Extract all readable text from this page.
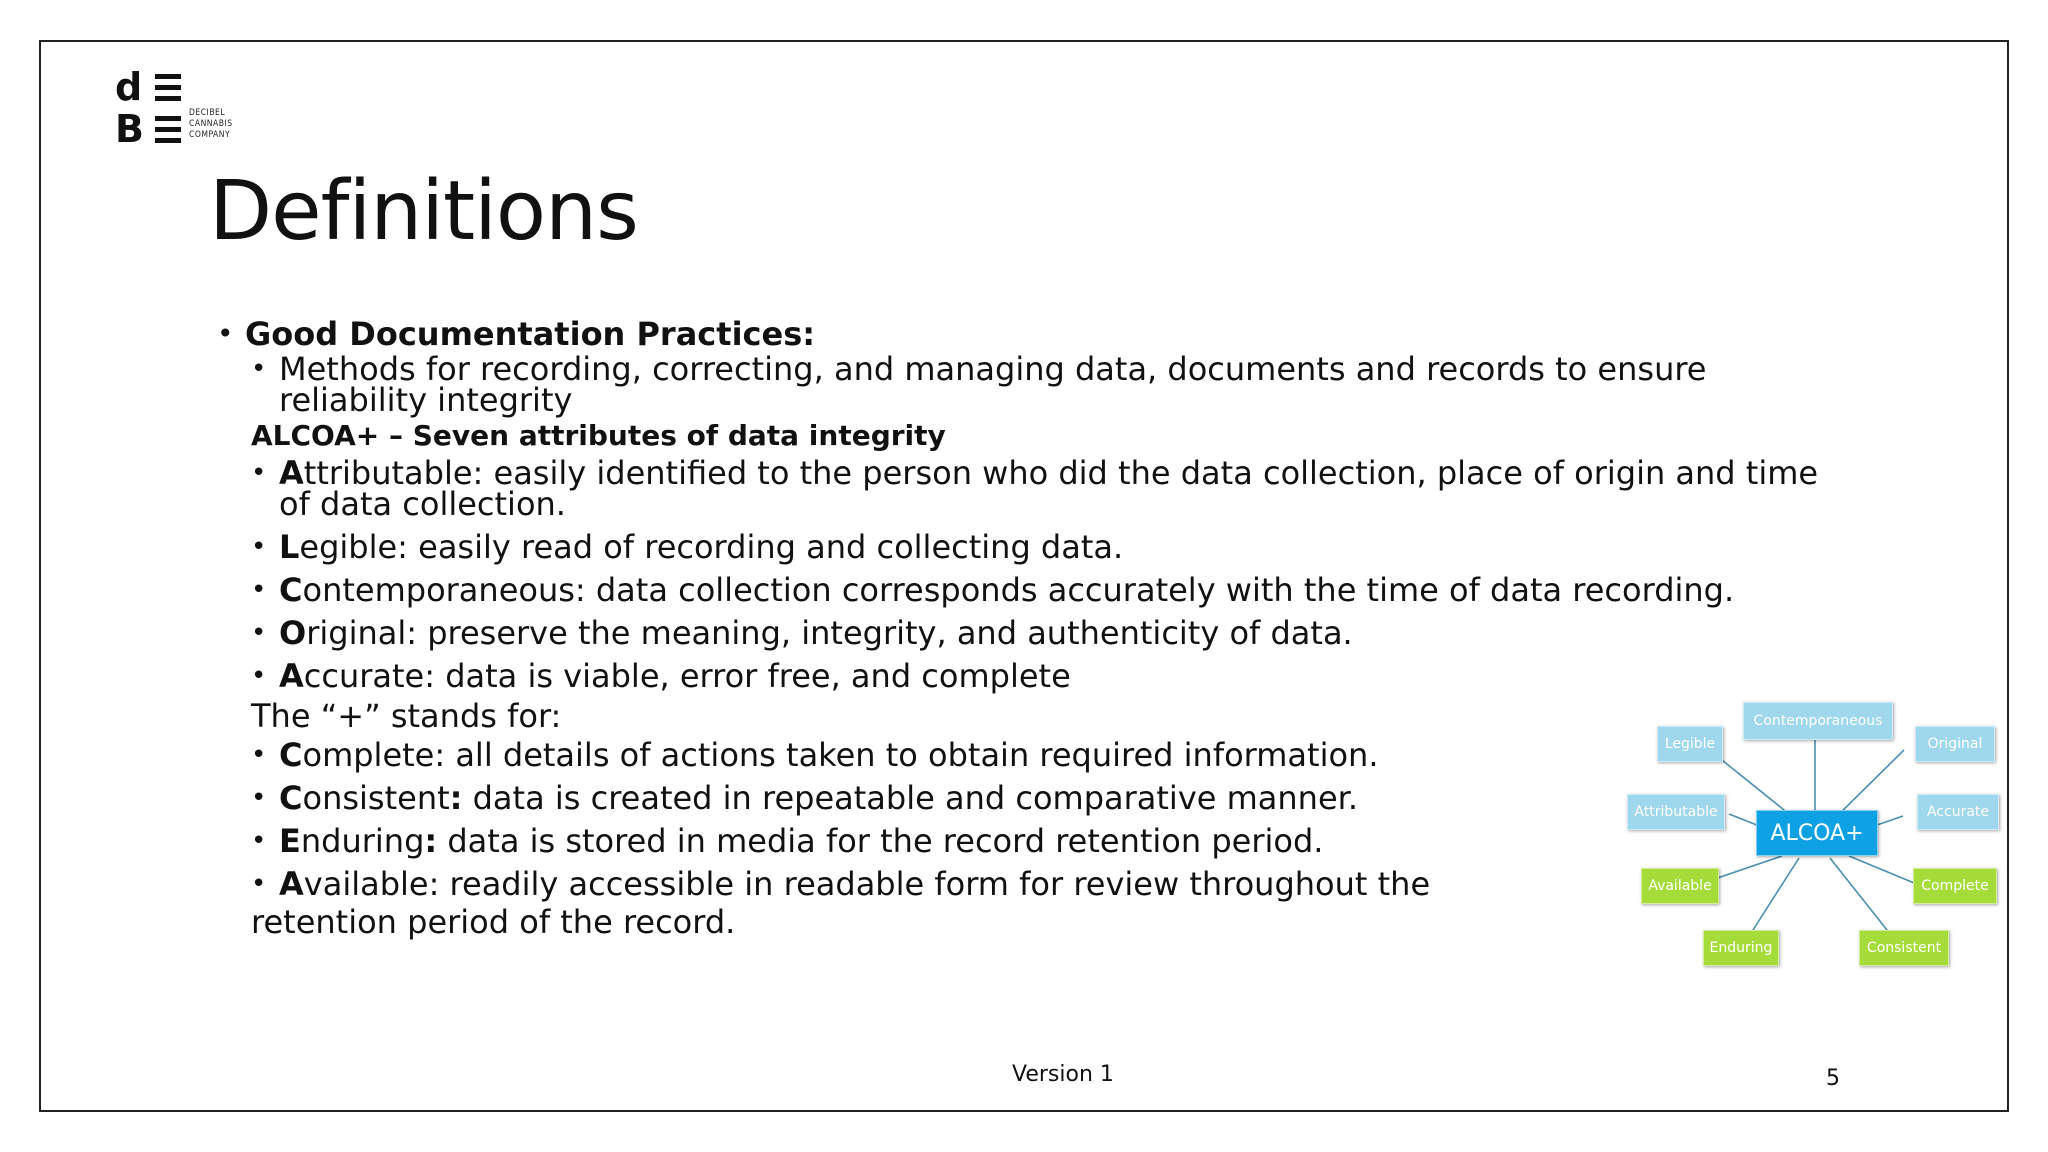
d
B	DECIBEL
CANNABIS
COMPANY
Definitions
• Good Documentation Practices:
• Methods for recording, correcting, and managing data, documents and records to ensure reliability integrity
ALCOA+ – Seven attributes of data integrity
• Attributable: easily identified to the person who did the data collection, place of origin and time of data collection.
• Legible: easily read of recording and collecting data.
• Contemporaneous: data collection corresponds accurately with the time of data recording.
• Original: preserve the meaning, integrity, and authenticity of data.
• Accurate: data is viable, error free, and complete
The “+” stands for:
• Complete: all details of actions taken to obtain required information.
• Consistent: data is created in repeatable and comparative manner.
• Enduring: data is stored in media for the record retention period.
• Available: readily accessible in readable form for review throughout the
retention period of the record.
Contemporaneous
Legible	Original
Attributable	Accurate
ALCOA+
Available	Complete
Enduring	Consistent
Version 1	5
